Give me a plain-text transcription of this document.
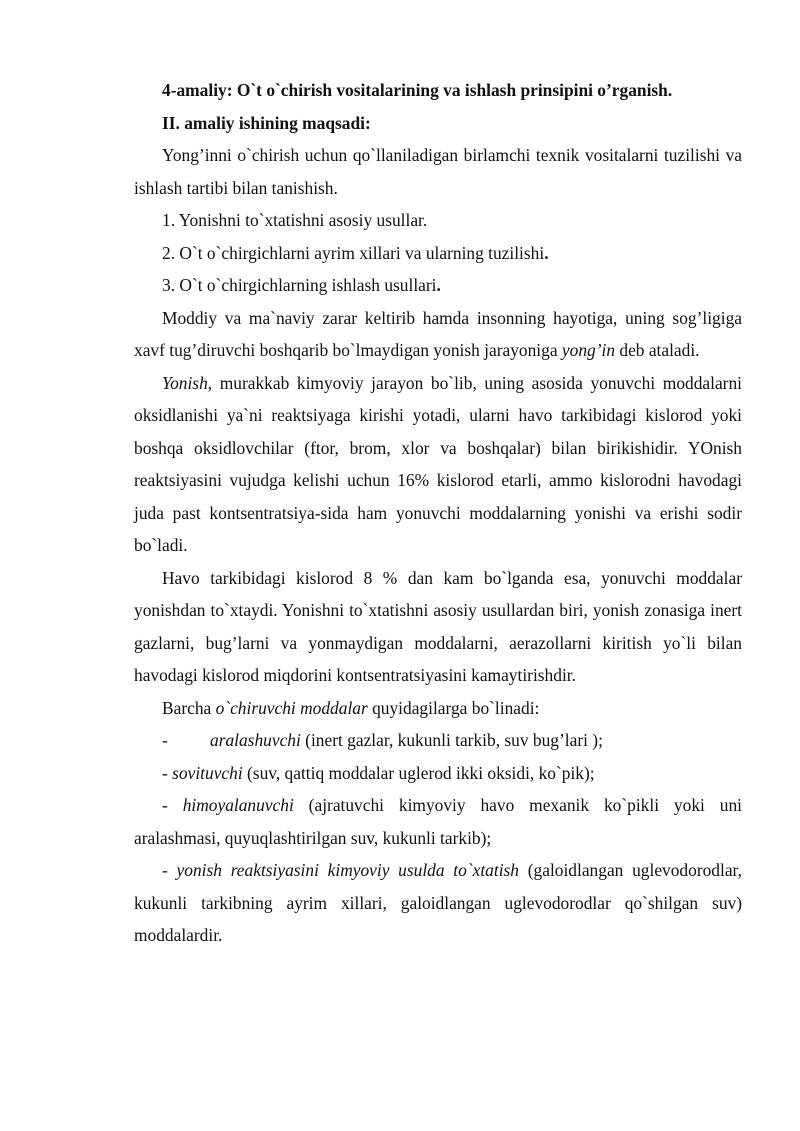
4-amaliy: O`t o`chirish vositalarining va ishlash prinsipini o’rganish.

II. amaliy ishining maqsadi:

Yong’inni o`chirish uchun qo`llaniladigan birlamchi texnik vositalarni tuzilishi va ishlash tartibi bilan tanishish.

1. Yonishni to`xtatishni asosiy usullar.

2. O`t o`chirgichlarni ayrim xillari va ularning tuzilishi.

3. O`t o`chirgichlarning ishlash usullari.

Moddiy va ma`naviy zarar keltirib hamda insonning hayotiga, uning sog’ligiga xavf tug’diruvchi boshqarib bo`lmaydigan yonish jarayoniga yong’in deb ataladi.

Yonish, murakkab kimyoviy jarayon bo`lib, uning asosida yonuvchi moddalarni oksidlanishi ya`ni reaktsiyaga kirishi yotadi, ularni havo tarkibidagi kislorod yoki boshqa oksidlovchilar (ftor, brom, xlor va boshqalar) bilan birikishidir. YOnish reaktsiyasini vujudga kelishi uchun 16% kislorod etarli, ammo kislorodni havodagi juda past kontsentratsiya-sida ham yonuvchi moddalarning yonishi va erishi sodir bo`ladi.

Havo tarkibidagi kislorod 8 % dan kam bo`lganda esa, yonuvchi moddalar yonishdan to`xtaydi. Yonishni to`xtatishni asosiy usullardan biri, yonish zonasiga inert gazlarni, bug’larni va yonmaydigan moddalarni, aerazollarni kiritish yo`li bilan havodagi kislorod miqdorini kontsentratsiyasini kamaytirishdir.

Barcha o`chiruvchi moddalar quyidagilarga bo`linadi:

- aralashuvchi (inert gazlar, kukunli tarkib, suv bug’lari );

- sovituvchi (suv, qattiq moddalar uglerod ikki oksidi, ko`pik);

- himoyalanuvchi (ajratuvchi kimyoviy havo mexanik ko`pikli yoki uni aralashmasi, quyuqlashtirilgan suv, kukunli tarkib);

- yonish reaktsiyasini kimyoviy usulda to`xtatish (galoidlangan uglevodorodlar, kukunli tarkibning ayrim xillari, galoidlangan uglevodorodlar qo`shilgan suv) moddalardir.
